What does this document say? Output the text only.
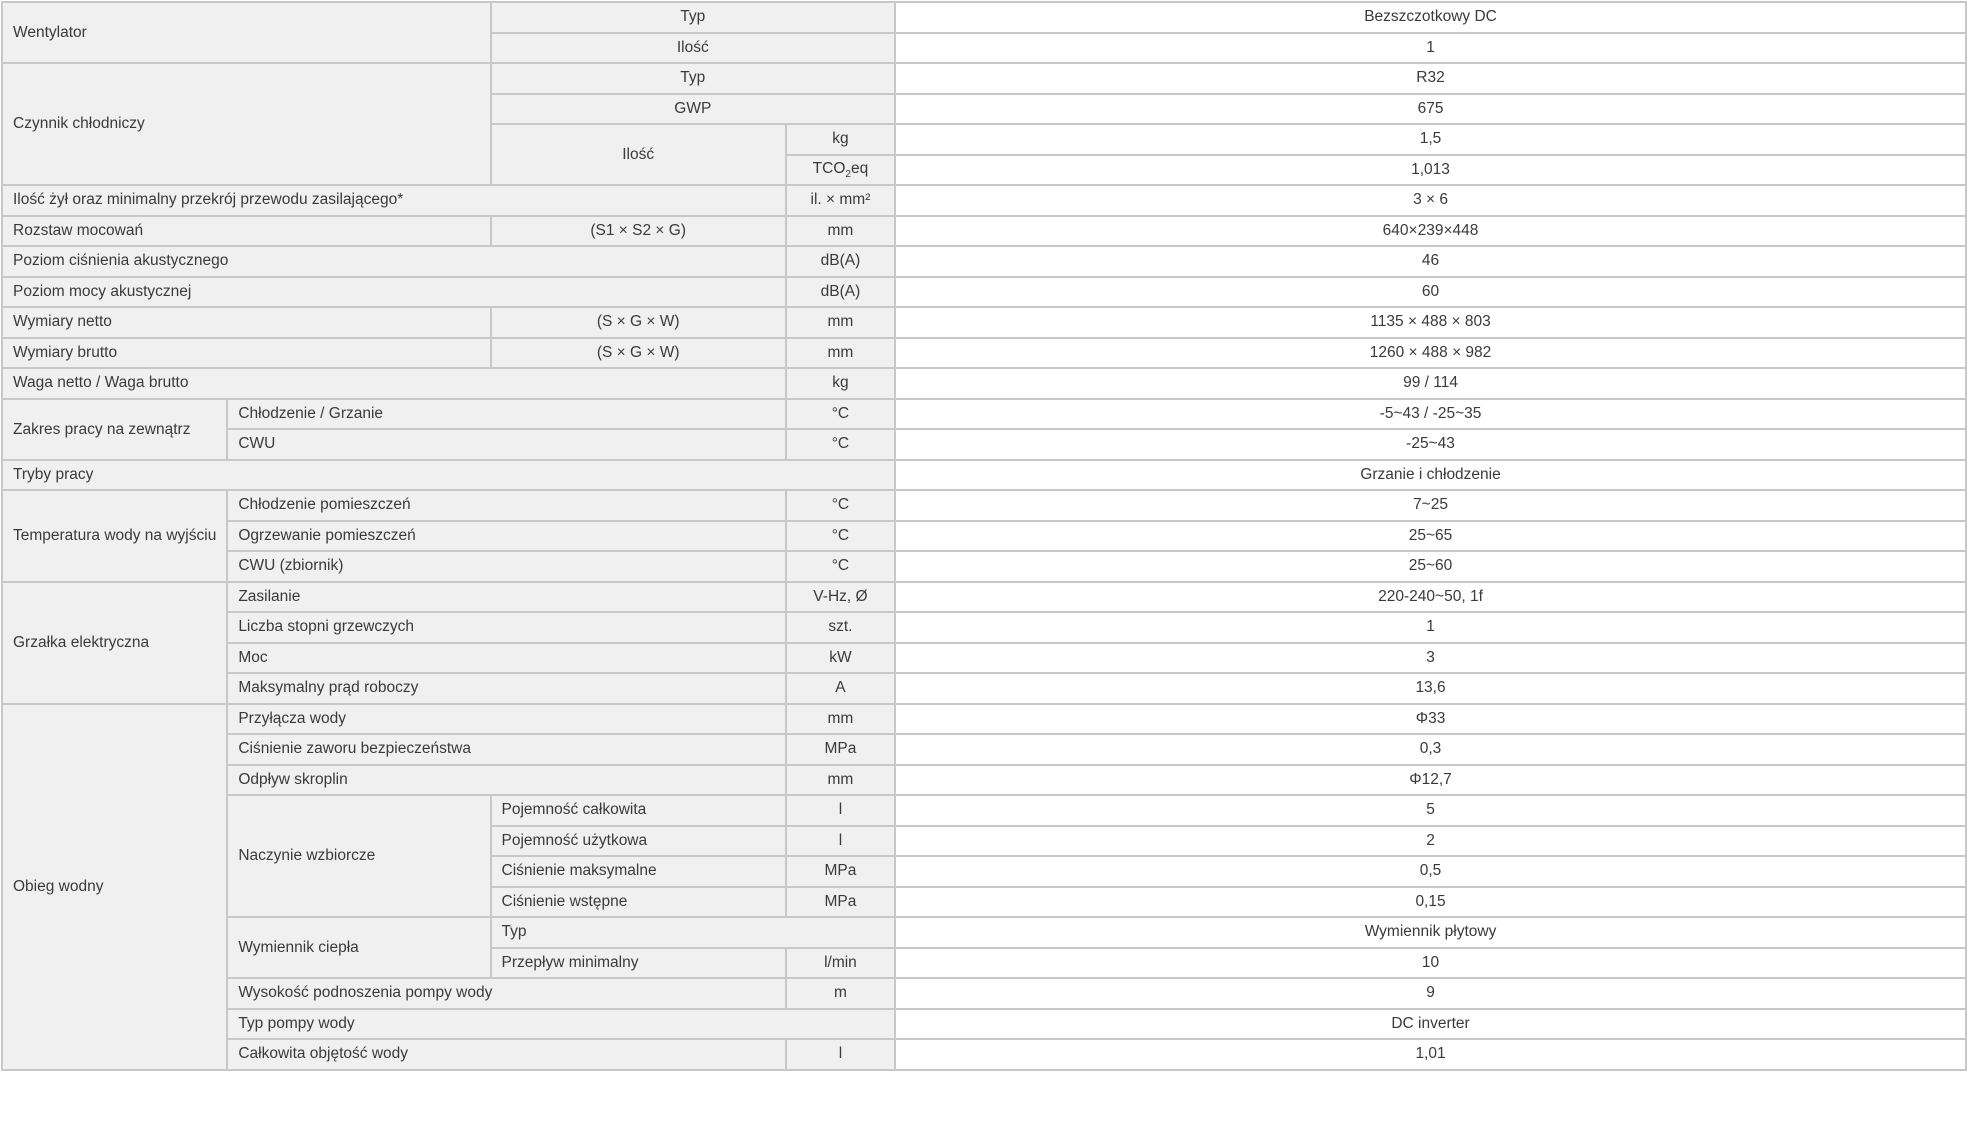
Wentylator		Typ		Bezszczotkowy DC
		Ilość		1
Czynnik chłodniczy		Typ		R32
		GWP		675
		Ilość	kg	1,5
			$TCO_2eq$	1,013
Ilość żył oraz minimalny przekrój przewodu zasilającego*			il. × mm²	3 × 6
Rozstaw mocowań		(S1 × S2 × G)	mm	640×239×448
Poziom ciśnienia akustycznego			dB(A)	46
Poziom mocy akustycznej			dB(A)	60
Wymiary netto		(S × G × W)	mm	1135 × 488 × 803
Wymiary brutto		(S × G × W)	mm	1260 × 488 × 982
Waga netto / Waga brutto			kg	99 / 114
Zakres pracy na zewnątrz	Chłodzenie / Grzanie		°C	-5~43 / -25~35
	CWU		°C	-25~43
Tryby pracy				Grzanie i chłodzenie
Temperatura wody na wyjściu	Chłodzenie pomieszczeń		°C	7~25
	Ogrzewanie pomieszczeń		°C	25~65
	CWU (zbiornik)		°C	25~60
Grzałka elektryczna	Zasilanie		V-Hz, Ø	220-240~50, 1f
	Liczba stopni grzewczych		szt.	1
	Moc		kW	3
	Maksymalny prąd roboczy		A	13,6
Obieg wodny	Przyłącza wody		mm	Φ33
	Ciśnienie zaworu bezpieczeństwa		MPa	0,3
	Odpływ skroplin		mm	Φ12,7
	Naczynie wzbiorcze	Pojemność całkowita	l	5
		Pojemność użytkowa	l	2
		Ciśnienie maksymalne	MPa	0,5
		Ciśnienie wstępne	MPa	0,15
	Wymiennik ciepła	Typ		Wymiennik płytowy
		Przepływ minimalny	l/min	10
	Wysokość podnoszenia pompy wody		m	9
	Typ pompy wody			DC inverter
	Całkowita objętość wody		l	1,01
